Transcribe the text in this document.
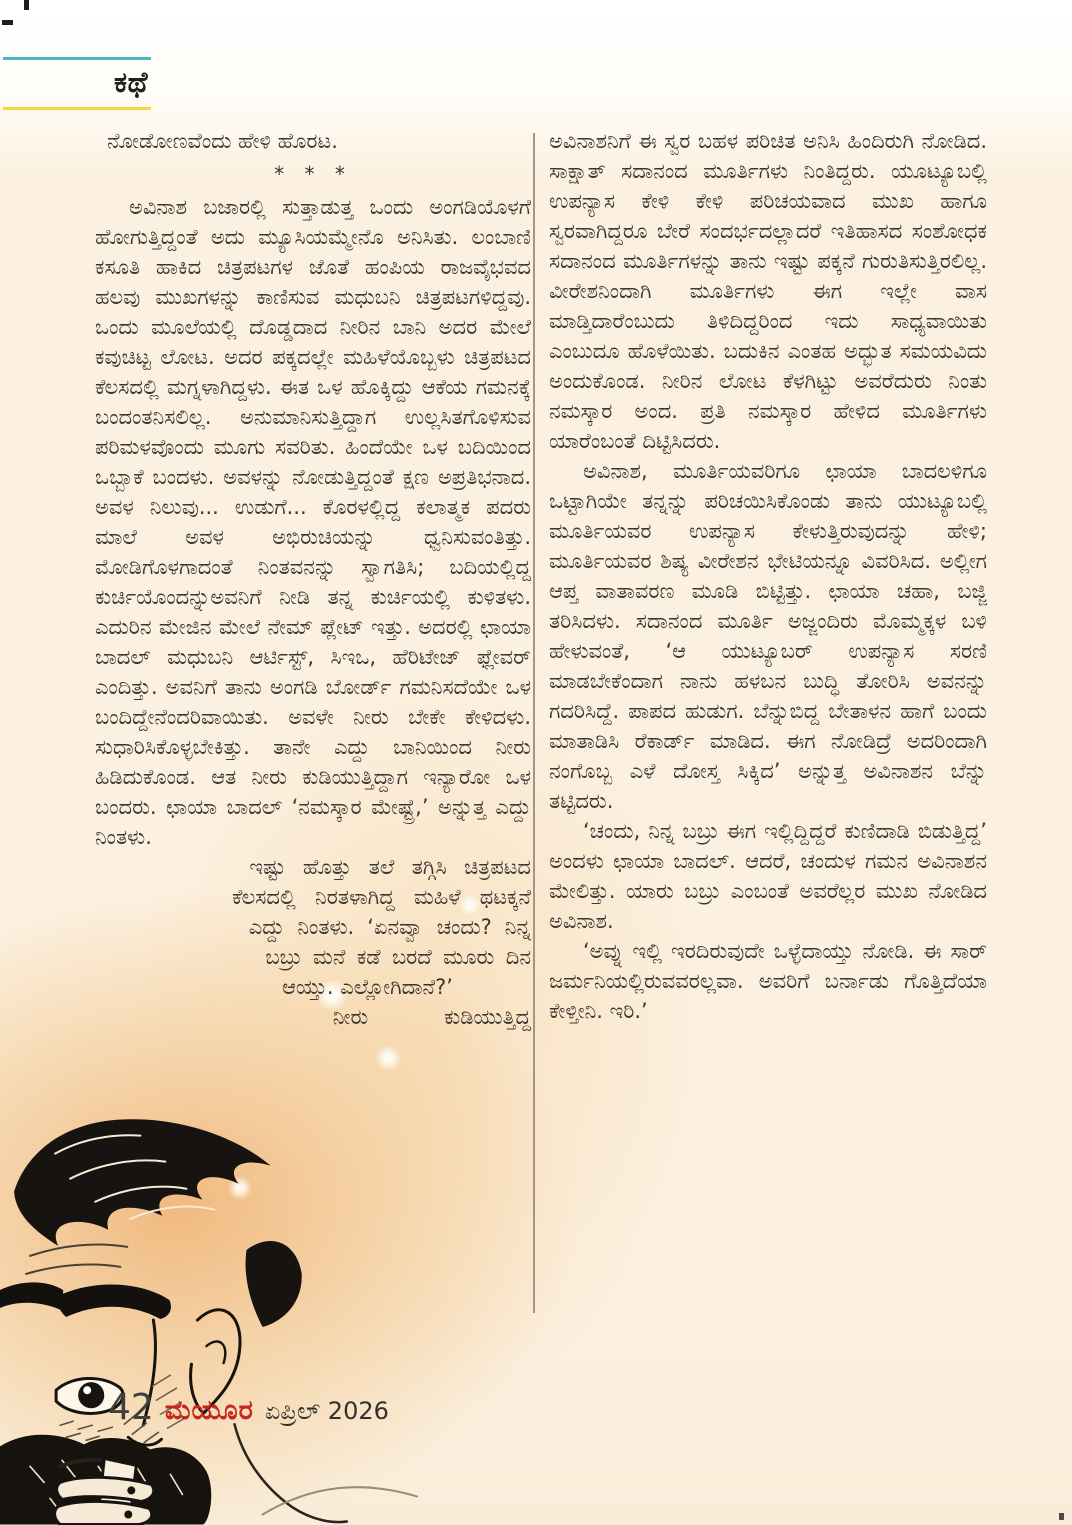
ಕಥೆ
ನೋಡೋಣವೆಂದು ಹೇಳಿ ಹೊರಟ.
* * *

ಅವಿನಾಶ ಬಜಾರಲ್ಲಿ ಸುತ್ತಾಡುತ್ತ ಒಂದು ಅಂಗಡಿಯೊಳಗೆ ಹೋಗುತ್ತಿದ್ದಂತೆ ಅದು ಮ್ಯೂಸಿಯಮ್ಮೇನೊ ಅನಿಸಿತು. ಲಂಬಾಣಿ ಕಸೂತಿ ಹಾಕಿದ ಚಿತ್ರಪಟಗಳ ಜೊತೆ ಹಂಪಿಯ ರಾಜವೈಭವದ ಹಲವು ಮುಖಗಳನ್ನು ಕಾಣಿಸುವ ಮಧುಬನಿ ಚಿತ್ರಪಟಗಳಿದ್ದವು. ಒಂದು ಮೂಲೆಯಲ್ಲಿ ದೊಡ್ಡದಾದ ನೀರಿನ ಬಾನಿ ಅದರ ಮೇಲೆ ಕವುಚಿಟ್ಟ ಲೋಟ. ಅದರ ಪಕ್ಕದಲ್ಲೇ ಮಹಿಳೆಯೊಬ್ಬಳು ಚಿತ್ರಪಟದ ಕೆಲಸದಲ್ಲಿ ಮಗ್ನಳಾಗಿದ್ದಳು. ಈತ ಒಳ ಹೊಕ್ಕಿದ್ದು ಆಕೆಯ ಗಮನಕ್ಕೆ ಬಂದಂತನಿಸಲಿಲ್ಲ. ಅನುಮಾನಿಸುತ್ತಿದ್ದಾಗ ಉಲ್ಲಸಿತಗೊಳಿಸುವ ಪರಿಮಳವೊಂದು ಮೂಗು ಸವರಿತು. ಹಿಂದೆಯೇ ಒಳ ಬದಿಯಿಂದ ಒಬ್ಬಾಕೆ ಬಂದಳು. ಅವಳನ್ನು ನೋಡುತ್ತಿದ್ದಂತೆ ಕ್ಷಣ ಅಪ್ರತಿಭನಾದ. ಅವಳ ನಿಲುವು... ಉಡುಗೆ... ಕೊರಳಲ್ಲಿದ್ದ ಕಲಾತ್ಮಕ ಪದರು ಮಾಲೆ ಅವಳ ಅಭಿರುಚಿಯನ್ನು ಧ್ವನಿಸುವಂತಿತ್ತು. ಮೋಡಿಗೊಳಗಾದಂತೆ ನಿಂತವನನ್ನು ಸ್ವಾಗತಿಸಿ; ಬದಿಯಲ್ಲಿದ್ದ ಕುರ್ಚಿಯೊಂದನ್ನುಅವನಿಗೆ ನೀಡಿ ತನ್ನ ಕುರ್ಚಿಯಲ್ಲಿ ಕುಳಿತಳು. ಎದುರಿನ ಮೇಜಿನ ಮೇಲೆ ನೇಮ್ ಪ್ಲೇಟ್ ಇತ್ತು. ಅದರಲ್ಲಿ ಛಾಯಾ ಬಾದಲ್ ಮಧುಬನಿ ಆರ್ಟಿಸ್ಟ್, ಸಿಇಒ, ಹೆರಿಟೇಜ್ ಫ್ಲೇವರ್ ಎಂದಿತ್ತು. ಅವನಿಗೆ ತಾನು ಅಂಗಡಿ ಬೋರ್ಡ್ ಗಮನಿಸದೆಯೇ ಒಳ ಬಂದಿದ್ದೇನೆಂದರಿವಾಯಿತು. ಅವಳೇ ನೀರು ಬೇಕೇ ಕೇಳಿದಳು. ಸುಧಾರಿಸಿಕೊಳ್ಳಬೇಕಿತ್ತು. ತಾನೇ ಎದ್ದು ಬಾನಿಯಿಂದ ನೀರು ಹಿಡಿದುಕೊಂಡ. ಆತ ನೀರು ಕುಡಿಯುತ್ತಿದ್ದಾಗ ಇನ್ಯಾರೋ ಒಳ ಬಂದರು. ಛಾಯಾ ಬಾದಲ್ ‘ನಮಸ್ಕಾರ ಮೇಷ್ಟ್ರೆ,’ ಅನ್ನುತ್ತ ಎದ್ದು ನಿಂತಳು.

ಇಷ್ಟು ಹೊತ್ತು ತಲೆ ತಗ್ಗಿಸಿ ಚಿತ್ರಪಟದ ಕೆಲಸದಲ್ಲಿ ನಿರತಳಾಗಿದ್ದ ಮಹಿಳೆ ಥಟಕ್ಕನೆ ಎದ್ದು ನಿಂತಳು. ‘ಏನವ್ವಾ ಚಂದು? ನಿನ್ನ ಬಬ್ರು ಮನೆ ಕಡೆ ಬರದೆ ಮೂರು ದಿನ ಆಯ್ತು. ಎಲ್ಲೋಗಿದಾನೆ?’

ನೀರು ಕುಡಿಯುತ್ತಿದ್ದ

ಅವಿನಾಶನಿಗೆ ಈ ಸ್ವರ ಬಹಳ ಪರಿಚಿತ ಅನಿಸಿ ಹಿಂದಿರುಗಿ ನೋಡಿದ. ಸಾಕ್ಷಾತ್ ಸದಾನಂದ ಮೂರ್ತಿಗಳು ನಿಂತಿದ್ದರು. ಯೂಟ್ಯೂಬಲ್ಲಿ ಉಪನ್ಯಾಸ ಕೇಳಿ ಕೇಳಿ ಪರಿಚಯವಾದ ಮುಖ ಹಾಗೂ ಸ್ವರವಾಗಿದ್ದರೂ ಬೇರೆ ಸಂದರ್ಭದಲ್ಲಾದರೆ ಇತಿಹಾಸದ ಸಂಶೋಧಕ ಸದಾನಂದ ಮೂರ್ತಿಗಳನ್ನು ತಾನು ಇಷ್ಟು ಪಕ್ಕನೆ ಗುರುತಿಸುತ್ತಿರಲಿಲ್ಲ. ವೀರೇಶನಿಂದಾಗಿ ಮೂರ್ತಿಗಳು ಈಗ ಇಲ್ಲೇ ವಾಸ ಮಾಡ್ತಿದಾರೆಂಬುದು ತಿಳಿದಿದ್ದರಿಂದ ಇದು ಸಾಧ್ಯವಾಯಿತು ಎಂಬುದೂ ಹೊಳೆಯಿತು. ಬದುಕಿನ ಎಂತಹ ಅದ್ಭುತ ಸಮಯವಿದು ಅಂದುಕೊಂಡ. ನೀರಿನ ಲೋಟ ಕೆಳಗಿಟ್ಟು ಅವರೆದುರು ನಿಂತು ನಮಸ್ಕಾರ ಅಂದ. ಪ್ರತಿ ನಮಸ್ಕಾರ ಹೇಳಿದ ಮೂರ್ತಿಗಳು ಯಾರೆಂಬಂತೆ ದಿಟ್ಟಿಸಿದರು.

ಅವಿನಾಶ, ಮೂರ್ತಿಯವರಿಗೂ ಛಾಯಾ ಬಾದಲಳಿಗೂ ಒಟ್ಟಾಗಿಯೇ ತನ್ನನ್ನು ಪರಿಚಯಿಸಿಕೊಂಡು ತಾನು ಯುಟ್ಯೂಬಲ್ಲಿ ಮೂರ್ತಿಯವರ ಉಪನ್ಯಾಸ ಕೇಳುತ್ತಿರುವುದನ್ನು ಹೇಳಿ; ಮೂರ್ತಿಯವರ ಶಿಷ್ಯ ವೀರೇಶನ ಭೇಟಿಯನ್ನೂ ವಿವರಿಸಿದ. ಅಲ್ಲೀಗ ಆಪ್ತ ವಾತಾವರಣ ಮೂಡಿ ಬಿಟ್ಟಿತ್ತು. ಛಾಯಾ ಚಹಾ, ಬಜ್ಜಿ ತರಿಸಿದಳು. ಸದಾನಂದ ಮೂರ್ತಿ ಅಜ್ಜಂದಿರು ಮೊಮ್ಮಕ್ಕಳ ಬಳಿ ಹೇಳುವಂತೆ, ‘ಆ ಯುಟ್ಯೂಬರ್ ಉಪನ್ಯಾಸ ಸರಣಿ ಮಾಡಬೇಕೆಂದಾಗ ನಾನು ಹಳಬನ ಬುದ್ಧಿ ತೋರಿಸಿ ಅವನನ್ನು ಗದರಿಸಿದ್ದೆ. ಪಾಪದ ಹುಡುಗ. ಬೆನ್ನುಬಿದ್ದ ಬೇತಾಳನ ಹಾಗೆ ಬಂದು ಮಾತಾಡಿಸಿ ರೆಕಾರ್ಡ್ ಮಾಡಿದ. ಈಗ ನೋಡಿದ್ರೆ ಅದರಿಂದಾಗಿ ನಂಗೊಬ್ಬ ಎಳೆ ದೋಸ್ತ ಸಿಕ್ಕಿದ’ ಅನ್ನುತ್ತ ಅವಿನಾಶನ ಬೆನ್ನು ತಟ್ಟಿದರು.

‘ಚಂದು, ನಿನ್ನ ಬಬ್ರು ಈಗ ಇಲ್ಲಿದ್ದಿದ್ದರೆ ಕುಣಿದಾಡಿ ಬಿಡುತ್ತಿದ್ದ’ ಅಂದಳು ಛಾಯಾ ಬಾದಲ್. ಆದರೆ, ಚಂದುಳ ಗಮನ ಅವಿನಾಶನ ಮೇಲಿತ್ತು. ಯಾರು ಬಬ್ರು ಎಂಬಂತೆ ಅವರೆಲ್ಲರ ಮುಖ ನೋಡಿದ ಅವಿನಾಶ.

‘ಅವ್ನು ಇಲ್ಲಿ ಇರದಿರುವುದೇ ಒಳ್ಳೆದಾಯ್ತು ನೋಡಿ. ಈ ಸಾರ್ ಜರ್ಮನಿಯಲ್ಲಿರುವವರಲ್ಲವಾ. ಅವರಿಗೆ ಬರ್ನಾಡು ಗೊತ್ತಿದೆಯಾ ಕೇಳ್ತೀನಿ. ಇರಿ.’

42 ಮಯೂರ ಏಪ್ರಿಲ್ 2026
